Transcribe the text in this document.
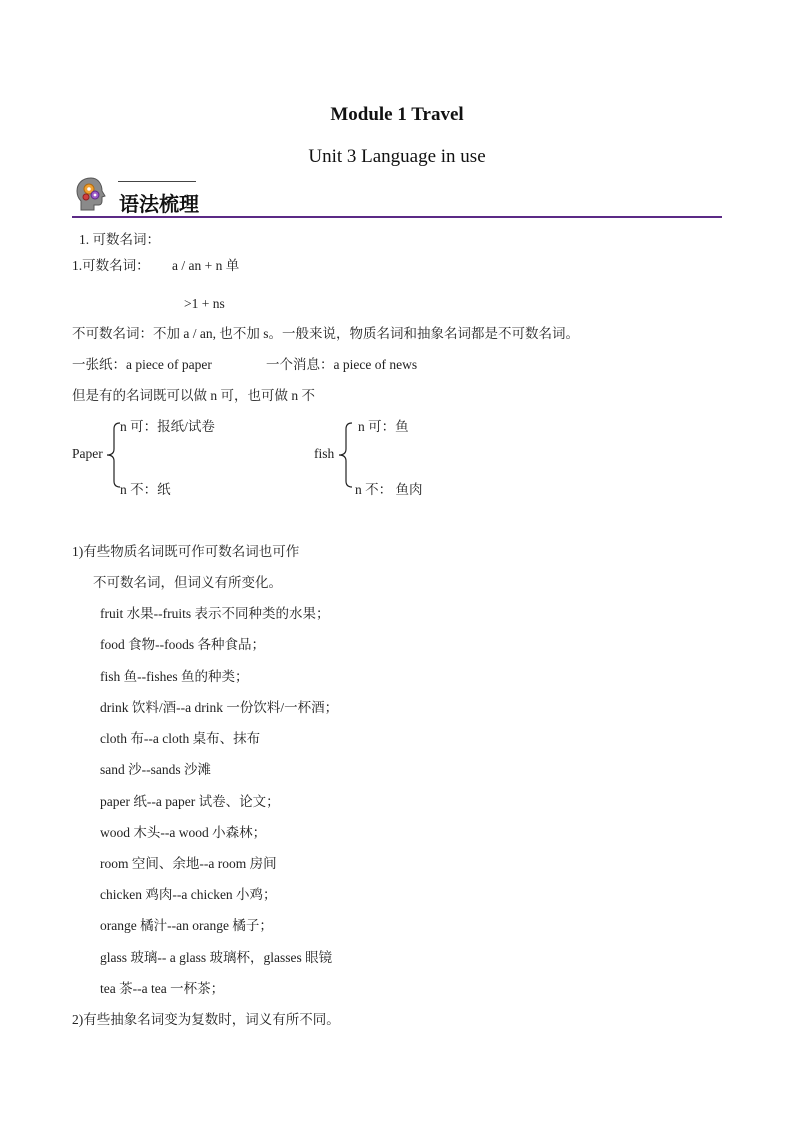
Module 1 Travel
Unit 3 Language in use
语法梳理
1. 可数名词：
1.可数名词： a / an + n 单
>1 + ns
不可数名词：不加 a / an, 也不加 s。一般来说，物质名词和抽象名词都是不可数名词。
一张纸：a piece of paper	一个消息：a piece of news
但是有的名词既可以做 n 可，也可做 n 不
Paper
n 可：报纸/试卷
n 不：纸
fish
n 可：鱼
n 不： 鱼肉
1)有些物质名词既可作可数名词也可作
不可数名词，但词义有所变化。
fruit 水果--fruits 表示不同种类的水果；
food 食物--foods 各种食品；
fish 鱼--fishes 鱼的种类；
drink 饮料/酒--a drink 一份饮料/一杯酒；
cloth 布--a cloth 桌布、抹布
sand 沙--sands 沙滩
paper 纸--a paper 试卷、论文；
wood 木头--a wood 小森林；
room 空间、余地--a room 房间
chicken 鸡肉--a chicken 小鸡；
orange 橘汁--an orange 橘子；
glass 玻璃-- a glass 玻璃杯，glasses 眼镜
tea 茶--a tea 一杯茶；
2)有些抽象名词变为复数时，词义有所不同。
